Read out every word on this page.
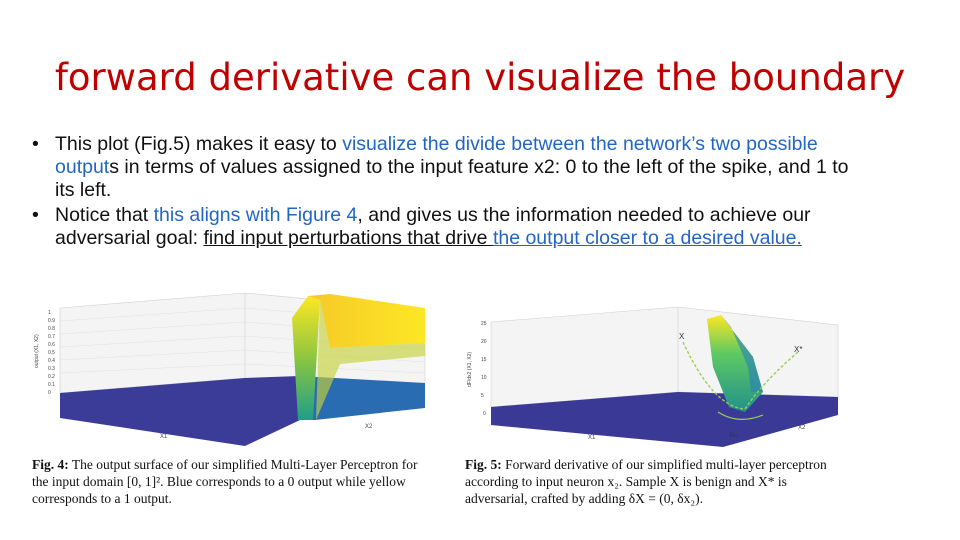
forward derivative can visualize the boundary
• This plot (Fig.5) makes it easy to visualize the divide between the network’s two possible outputs in terms of values assigned to the input feature x2: 0 to the left of the spike, and 1 to its left.
• Notice that this aligns with Figure 4, and gives us the information needed to achieve our adversarial goal: find input perturbations that drive the output closer to a desired value.
0
0.1
0.2
0.3
0.4
0.5
0.6
0.7
0.8
0.9
1
output (X1, X2)
X1
X2
X
X*
δx₂
0
5
10
15
20
25
dF/dx2 (X1, X2)
X1
X2
Fig. 4: The output surface of our simplified Multi-Layer Perceptron for the input domain [0, 1]². Blue corresponds to a 0 output while yellow corresponds to a 1 output.
Fig. 5: Forward derivative of our simplified multi-layer perceptron according to input neuron x₂. Sample X is benign and X* is adversarial, crafted by adding δX = (0, δx₂).
